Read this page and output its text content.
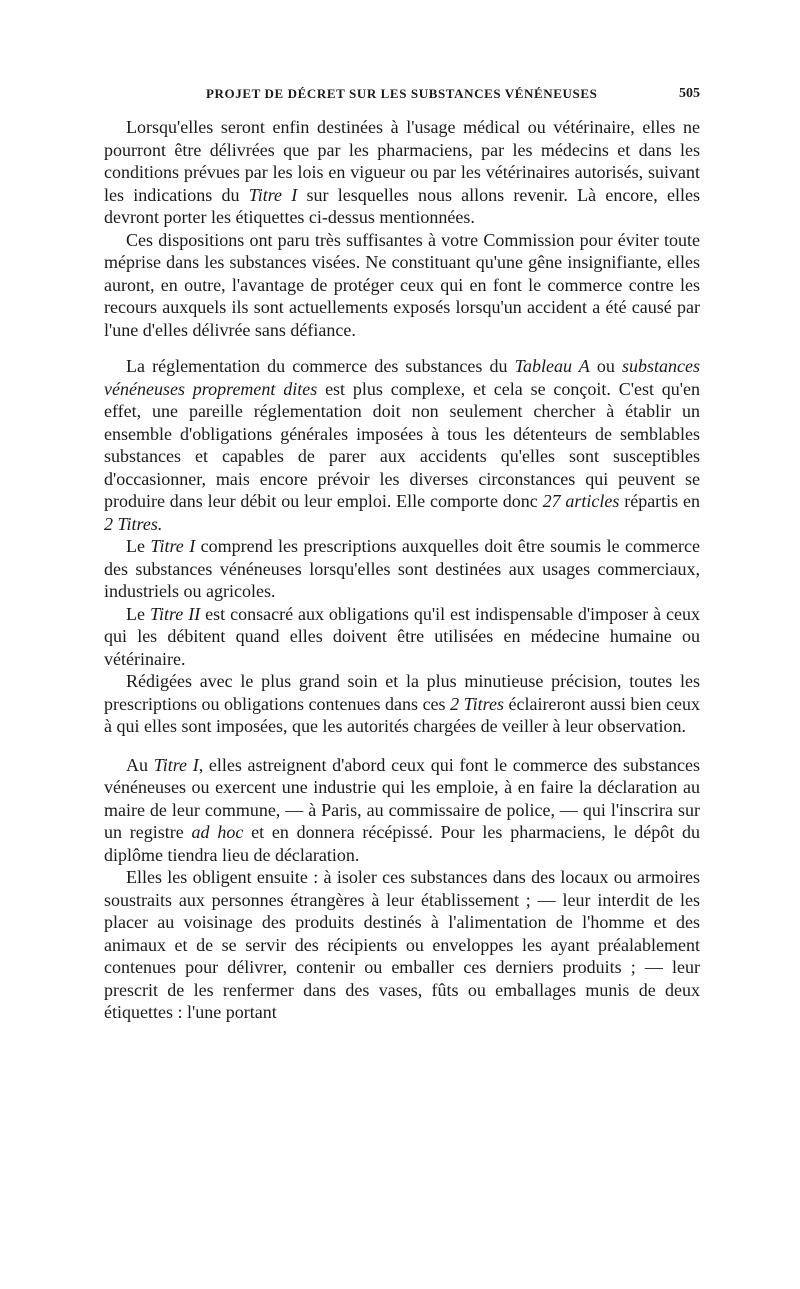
PROJET DE DÉCRET SUR LES SUBSTANCES VÉNÉNEUSES	505

Lorsqu'elles seront enfin destinées à l'usage médical ou vétérinaire, elles ne pourront être délivrées que par les pharmaciens, par les médecins et dans les conditions prévues par les lois en vigueur ou par les vétérinaires autorisés, suivant les indications du Titre I sur lesquelles nous allons revenir. Là encore, elles devront porter les étiquettes ci-dessus mentionnées.

Ces dispositions ont paru très suffisantes à votre Commission pour éviter toute méprise dans les substances visées. Ne constituant qu'une gêne insignifiante, elles auront, en outre, l'avantage de protéger ceux qui en font le commerce contre les recours auxquels ils sont actuellements exposés lorsqu'un accident a été causé par l'une d'elles délivrée sans défiance.

La réglementation du commerce des substances du Tableau A ou substances vénéneuses proprement dites est plus complexe, et cela se conçoit. C'est qu'en effet, une pareille réglementation doit non seulement chercher à établir un ensemble d'obligations générales imposées à tous les détenteurs de semblables substances et capables de parer aux accidents qu'elles sont susceptibles d'occasionner, mais encore prévoir les diverses circonstances qui peuvent se produire dans leur débit ou leur emploi. Elle comporte donc 27 articles répartis en 2 Titres.

Le Titre I comprend les prescriptions auxquelles doit être soumis le commerce des substances vénéneuses lorsqu'elles sont destinées aux usages commerciaux, industriels ou agricoles.

Le Titre II est consacré aux obligations qu'il est indispensable d'imposer à ceux qui les débitent quand elles doivent être utilisées en médecine humaine ou vétérinaire.

Rédigées avec le plus grand soin et la plus minutieuse précision, toutes les prescriptions ou obligations contenues dans ces 2 Titres éclaireront aussi bien ceux à qui elles sont imposées, que les autorités chargées de veiller à leur observation.

Au Titre I, elles astreignent d'abord ceux qui font le commerce des substances vénéneuses ou exercent une industrie qui les emploie, à en faire la déclaration au maire de leur commune, — à Paris, au commissaire de police, — qui l'inscrira sur un registre ad hoc et en donnera récépissé. Pour les pharmaciens, le dépôt du diplôme tiendra lieu de déclaration.

Elles les obligent ensuite : à isoler ces substances dans des locaux ou armoires soustraits aux personnes étrangères à leur établissement ; — leur interdit de les placer au voisinage des produits destinés à l'alimentation de l'homme et des animaux et de se servir des récipients ou enveloppes les ayant préalablement contenues pour délivrer, contenir ou emballer ces derniers produits ; — leur prescrit de les renfermer dans des vases, fûts ou emballages munis de deux étiquettes : l'une portant
